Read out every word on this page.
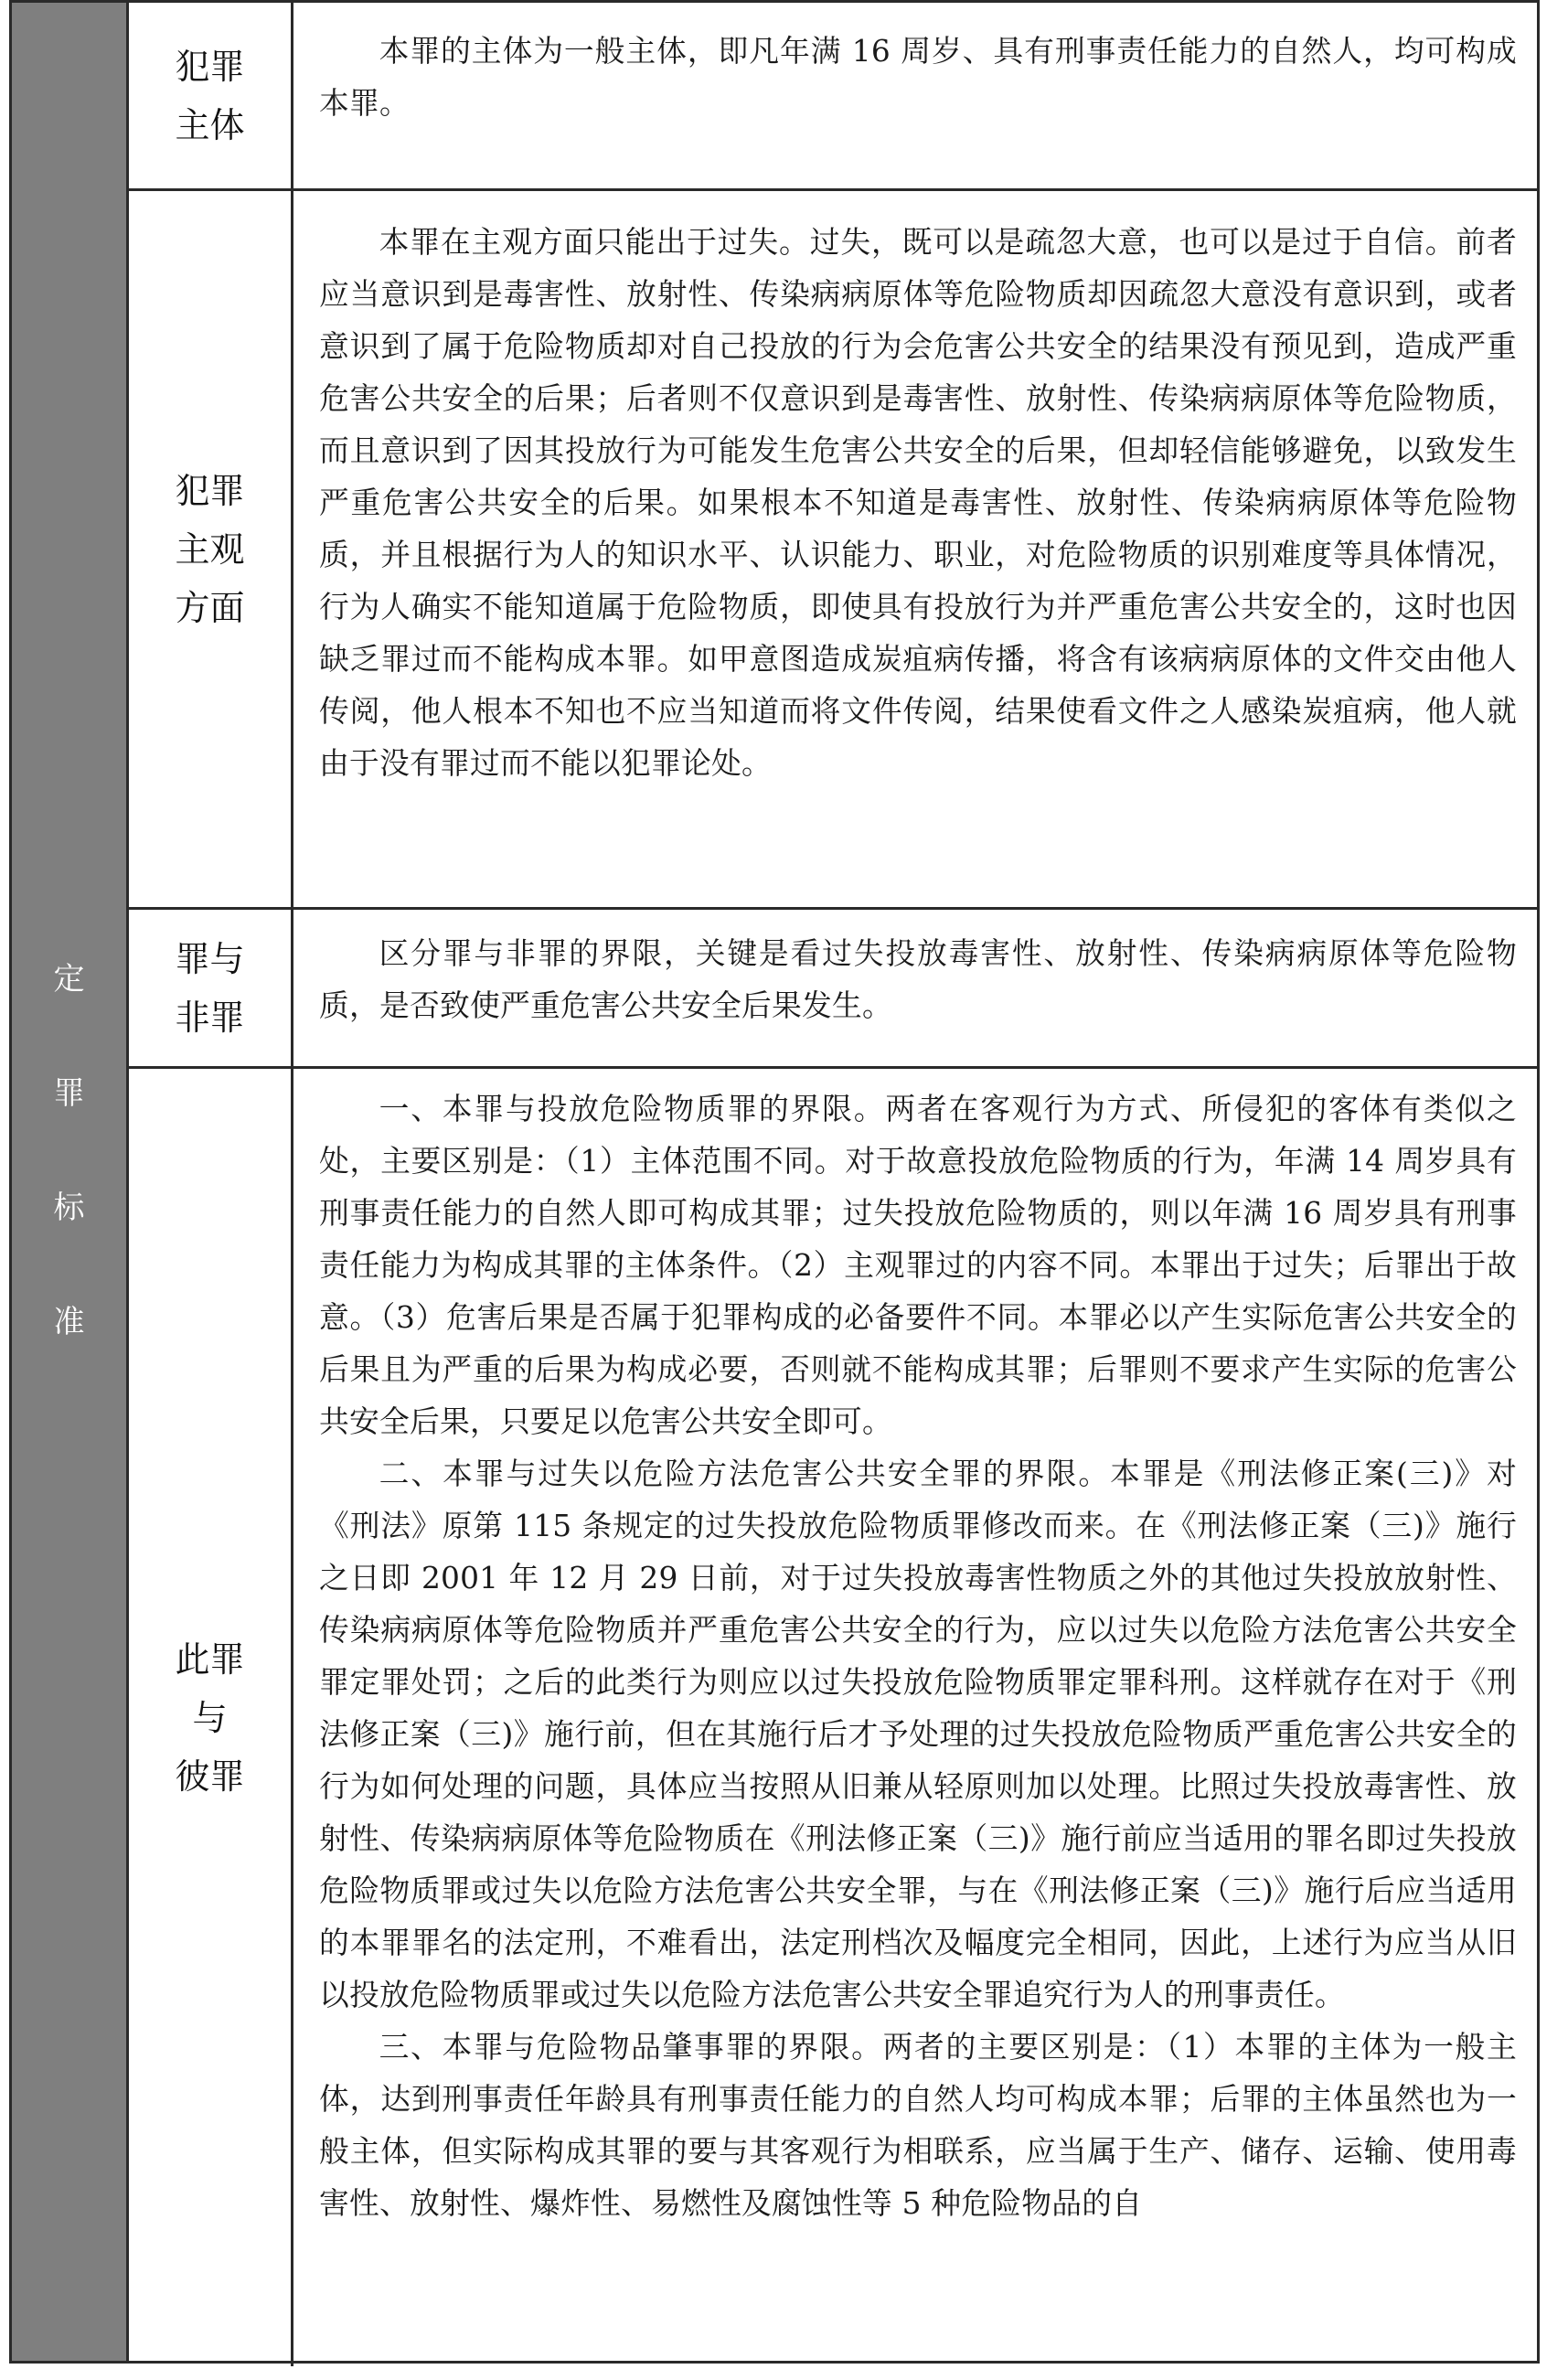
定
罪
标
准
犯罪
主体

本罪的主体为一般主体，即凡年满 16 周岁、具有刑事责任能力的自然人，均可构成本罪。

犯罪
主观
方面

本罪在主观方面只能出于过失。过失，既可以是疏忽大意，也可以是过于自信。前者应当意识到是毒害性、放射性、传染病病原体等危险物质却因疏忽大意没有意识到，或者意识到了属于危险物质却对自己投放的行为会危害公共安全的结果没有预见到，造成严重危害公共安全的后果；后者则不仅意识到是毒害性、放射性、传染病病原体等危险物质，而且意识到了因其投放行为可能发生危害公共安全的后果，但却轻信能够避免，以致发生严重危害公共安全的后果。如果根本不知道是毒害性、放射性、传染病病原体等危险物质，并且根据行为人的知识水平、认识能力、职业，对危险物质的识别难度等具体情况，行为人确实不能知道属于危险物质，即使具有投放行为并严重危害公共安全的，这时也因缺乏罪过而不能构成本罪。如甲意图造成炭疽病传播，将含有该病病原体的文件交由他人传阅，他人根本不知也不应当知道而将文件传阅，结果使看文件之人感染炭疽病，他人就由于没有罪过而不能以犯罪论处。

罪与
非罪

区分罪与非罪的界限，关键是看过失投放毒害性、放射性、传染病病原体等危险物质，是否致使严重危害公共安全后果发生。

此罪
与
彼罪

一、本罪与投放危险物质罪的界限。两者在客观行为方式、所侵犯的客体有类似之处，主要区别是：（1）主体范围不同。对于故意投放危险物质的行为，年满 14 周岁具有刑事责任能力的自然人即可构成其罪；过失投放危险物质的，则以年满 16 周岁具有刑事责任能力为构成其罪的主体条件。（2）主观罪过的内容不同。本罪出于过失；后罪出于故意。（3）危害后果是否属于犯罪构成的必备要件不同。本罪必以产生实际危害公共安全的后果且为严重的后果为构成必要，否则就不能构成其罪；后罪则不要求产生实际的危害公共安全后果，只要足以危害公共安全即可。

二、本罪与过失以危险方法危害公共安全罪的界限。本罪是《刑法修正案(三)》对《刑法》原第 115 条规定的过失投放危险物质罪修改而来。在《刑法修正案（三)》施行之日即 2001 年 12 月 29 日前，对于过失投放毒害性物质之外的其他过失投放放射性、传染病病原体等危险物质并严重危害公共安全的行为，应以过失以危险方法危害公共安全罪定罪处罚；之后的此类行为则应以过失投放危险物质罪定罪科刑。这样就存在对于《刑法修正案（三)》施行前，但在其施行后才予处理的过失投放危险物质严重危害公共安全的行为如何处理的问题，具体应当按照从旧兼从轻原则加以处理。比照过失投放毒害性、放射性、传染病病原体等危险物质在《刑法修正案（三)》施行前应当适用的罪名即过失投放危险物质罪或过失以危险方法危害公共安全罪，与在《刑法修正案（三)》施行后应当适用的本罪罪名的法定刑，不难看出，法定刑档次及幅度完全相同，因此，上述行为应当从旧以投放危险物质罪或过失以危险方法危害公共安全罪追究行为人的刑事责任。

三、本罪与危险物品肇事罪的界限。两者的主要区别是：（1）本罪的主体为一般主体，达到刑事责任年龄具有刑事责任能力的自然人均可构成本罪；后罪的主体虽然也为一般主体，但实际构成其罪的要与其客观行为相联系，应当属于生产、储存、运输、使用毒害性、放射性、爆炸性、易燃性及腐蚀性等 5 种危险物品的自
